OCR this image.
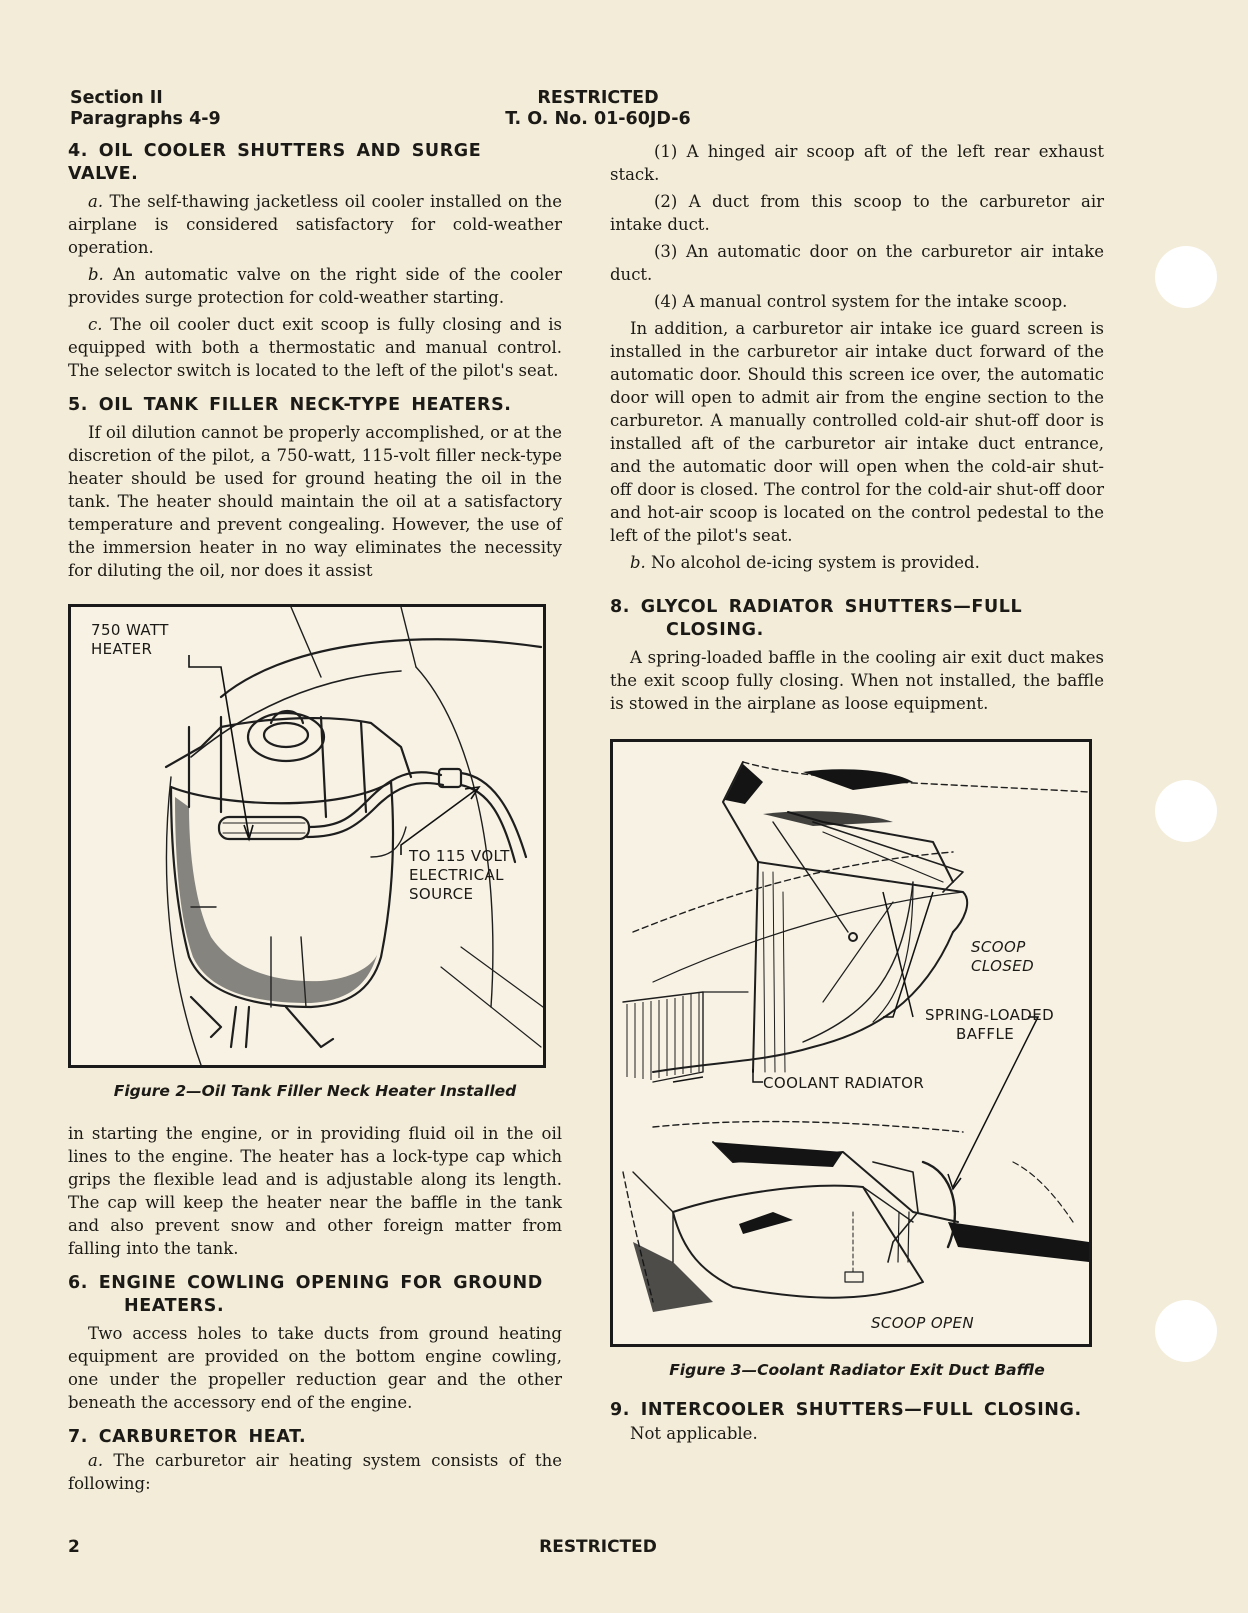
Section II
Paragraphs 4-9
RESTRICTED
T. O. No. 01-60JD-6
4. OIL COOLER SHUTTERS AND SURGE VALVE.

a. The self-thawing jacketless oil cooler installed on the airplane is considered satisfactory for cold-weather operation.

b. An automatic valve on the right side of the cooler provides surge protection for cold-weather starting.

c. The oil cooler duct exit scoop is fully closing and is equipped with both a thermostatic and manual control. The selector switch is located to the left of the pilot's seat.

5. OIL TANK FILLER NECK-TYPE HEATERS.

If oil dilution cannot be properly accomplished, or at the discretion of the pilot, a 750-watt, 115-volt filler neck-type heater should be used for ground heating the oil in the tank. The heater should maintain the oil at a satisfactory temperature and prevent congealing. However, the use of the immersion heater in no way eliminates the necessity for diluting the oil, nor does it assist

750 WATT
HEATER
TO 115 VOLT
ELECTRICAL
SOURCE
Figure 2—Oil Tank Filler Neck Heater Installed

in starting the engine, or in providing fluid oil in the oil lines to the engine. The heater has a lock-type cap which grips the flexible lead and is adjustable along its length. The cap will keep the heater near the baffle in the tank and also prevent snow and other foreign matter from falling into the tank.

6. ENGINE COWLING OPENING FOR GROUND
HEATERS.

Two access holes to take ducts from ground heating equipment are provided on the bottom engine cowling, one under the propeller reduction gear and the other beneath the accessory end of the engine.

7. CARBURETOR HEAT.

a. The carburetor air heating system consists of the following:

(1) A hinged air scoop aft of the left rear exhaust stack.

(2) A duct from this scoop to the carburetor air intake duct.

(3) An automatic door on the carburetor air intake duct.

(4) A manual control system for the intake scoop.

In addition, a carburetor air intake ice guard screen is installed in the carburetor air intake duct forward of the automatic door. Should this screen ice over, the automatic door will open to admit air from the engine section to the carburetor. A manually controlled cold-air shut-off door is installed aft of the carburetor air intake duct entrance, and the automatic door will open when the cold-air shut-off door is closed. The control for the cold-air shut-off door and hot-air scoop is located on the control pedestal to the left of the pilot's seat.

b. No alcohol de-icing system is provided.

8. GLYCOL RADIATOR SHUTTERS—FULL
CLOSING.

A spring-loaded baffle in the cooling air exit duct makes the exit scoop fully closing. When not installed, the baffle is stowed in the airplane as loose equipment.

SCOOP
CLOSED
SPRING-LOADED
BAFFLE
COOLANT RADIATOR
SCOOP OPEN
Figure 3—Coolant Radiator Exit Duct Baffle
9. INTERCOOLER SHUTTERS—FULL CLOSING.

Not applicable.

2	RESTRICTED
